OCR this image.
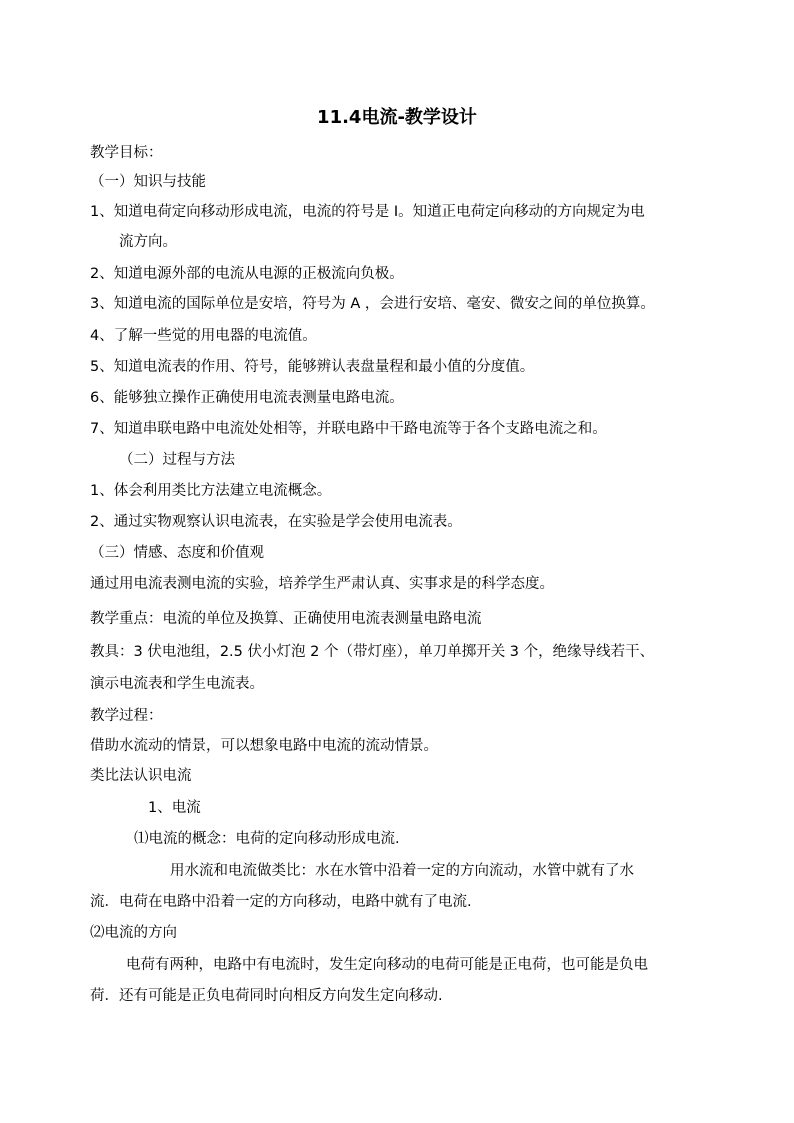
11.4电流-教学设计
教学目标：
（一）知识与技能
1、知道电荷定向移动形成电流，电流的符号是 I。知道正电荷定向移动的方向规定为电
流方向。
2、知道电源外部的电流从电源的正极流向负极。
3、知道电流的国际单位是安培，符号为 A ，会进行安培、毫安、微安之间的单位换算。
4、了解一些觉的用电器的电流值。
5、知道电流表的作用、符号，能够辨认表盘量程和最小值的分度值。
6、能够独立操作正确使用电流表测量电路电流。
7、知道串联电路中电流处处相等，并联电路中干路电流等于各个支路电流之和。
（二）过程与方法
1、体会利用类比方法建立电流概念。
2、通过实物观察认识电流表，在实验是学会使用电流表。
（三）情感、态度和价值观
通过用电流表测电流的实验，培养学生严肃认真、实事求是的科学态度。
教学重点：电流的单位及换算、正确使用电流表测量电路电流
教具：3 伏电池组，2.5 伏小灯泡 2 个（带灯座），单刀单掷开关 3 个，绝缘导线若干、
演示电流表和学生电流表。
教学过程：
借助水流动的情景，可以想象电路中电流的流动情景。
类比法认识电流
1、电流
⑴电流的概念：电荷的定向移动形成电流.
用水流和电流做类比：水在水管中沿着一定的方向流动，水管中就有了水
流．电荷在电路中沿着一定的方向移动，电路中就有了电流.
⑵电流的方向
电荷有两种，电路中有电流时，发生定向移动的电荷可能是正电荷，也可能是负电
荷．还有可能是正负电荷同时向相反方向发生定向移动.
